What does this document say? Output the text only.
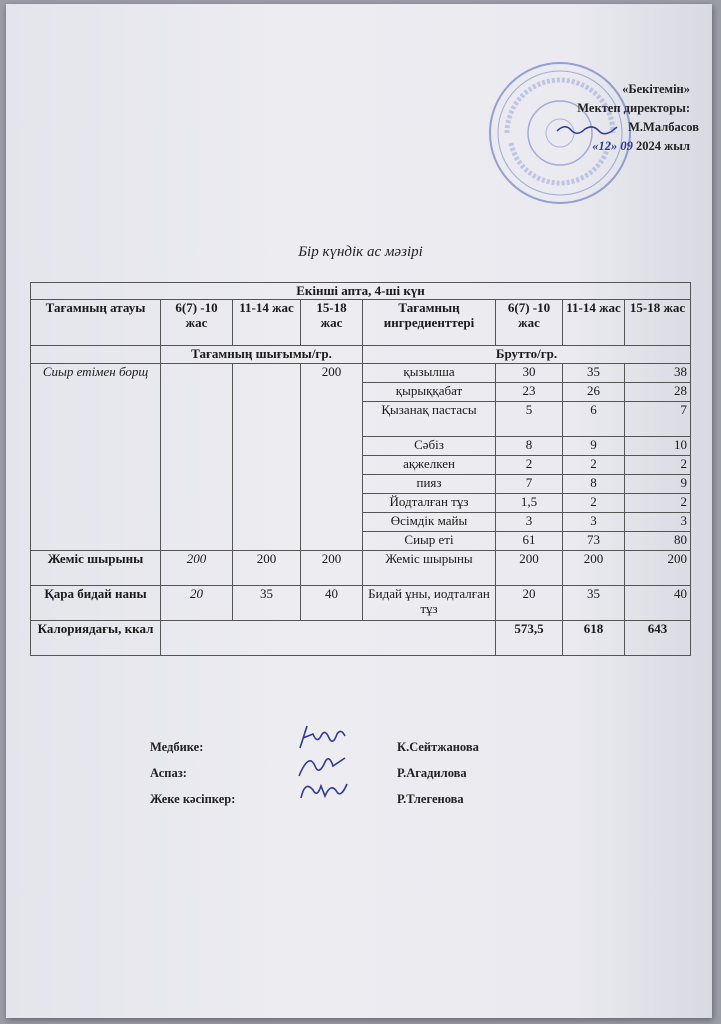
«Бекітемін»
Мектеп директоры:
М.Малбасов
«12» 09 2024 жыл
Бір күндік ас мәзірі
Екінші апта, 4-ші күн							
Тағамның атауы	6(7) -10 жас	11-14 жас	15-18 жас	Тағамның ингредиенттері	6(7) -10 жас	11-14 жас	15-18 жас
	Тағамның шығымы/гр.			Брутто/гр.			
Сиыр етімен борщ			200	қызылша	30	35	38
				қырыққабат	23	26	28
				Қызанақ пастасы	5	6	7
				Сәбіз	8	9	10
				ақжелкен	2	2	2
				пияз	7	8	9
				Йодталған тұз	1,5	2	2
				Өсімдік майы	3	3	3
				Сиыр еті	61	73	80
Жеміс шырыны	200	200	200	Жеміс шырыны	200	200	200
Қара бидай наны	20	35	40	Бидай ұны, иодталған тұз	20	35	40
Калориядағы, ккал					573,5	618	643
Медбике:	К.Сейтжанова
Аспаз:	Р.Агадилова
Жеке кәсіпкер:	Р.Тлегенова
